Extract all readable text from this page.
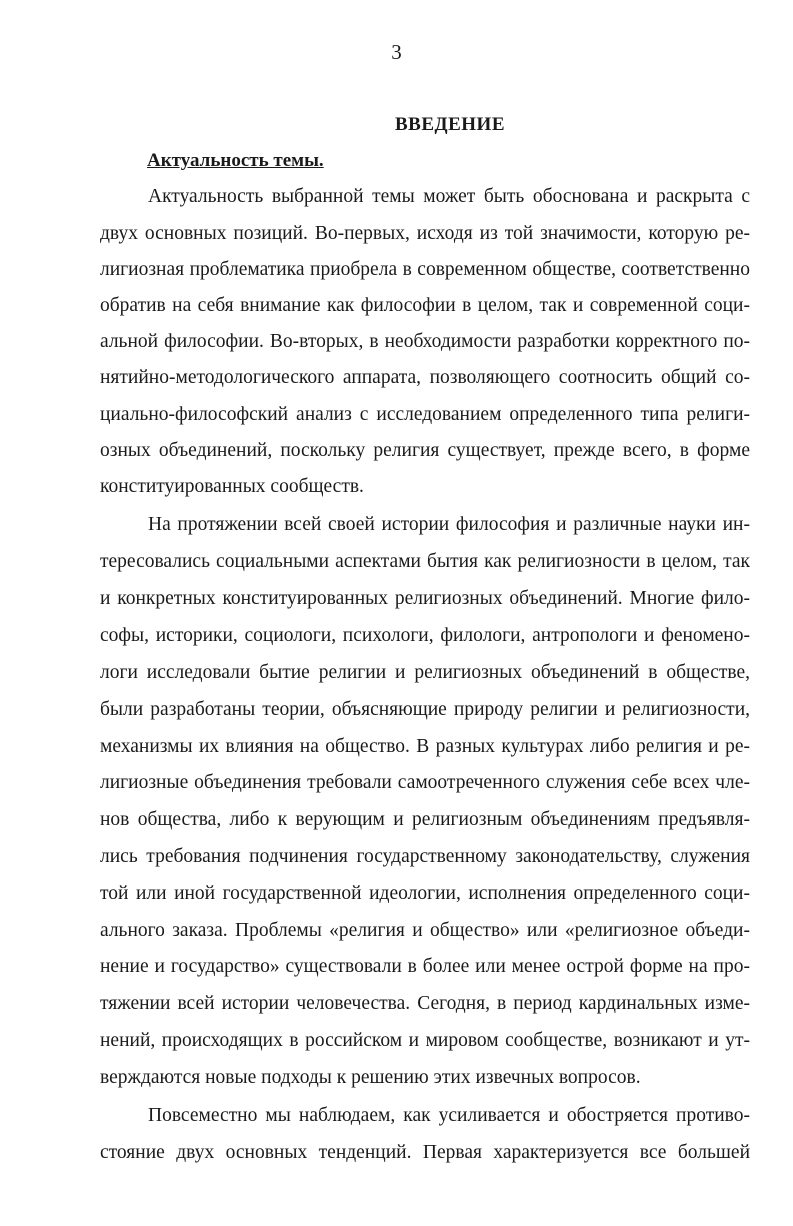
3
ВВЕДЕНИЕ
Актуальность темы.
Актуальность выбранной темы может быть обоснована и раскрыта с
двух основных позиций. Во-первых, исходя из той значимости, которую ре-
лигиозная проблематика приобрела в современном обществе, соответственно
обратив на себя внимание как философии в целом, так и современной соци-
альной философии. Во-вторых, в необходимости разработки корректного по-
нятийно-методологического аппарата, позволяющего соотносить общий со-
циально-философский анализ с исследованием определенного типа религи-
озных объединений, поскольку религия существует, прежде всего, в форме
конституированных сообществ.
На протяжении всей своей истории философия и различные науки ин-
тересовались социальными аспектами бытия как религиозности в целом, так
и конкретных конституированных религиозных объединений. Многие фило-
софы, историки, социологи, психологи, филологи, антропологи и феномено-
логи исследовали бытие религии и религиозных объединений в обществе,
были разработаны теории, объясняющие природу религии и религиозности,
механизмы их влияния на общество. В разных культурах либо религия и ре-
лигиозные объединения требовали самоотреченного служения себе всех чле-
нов общества, либо к верующим и религиозным объединениям предъявля-
лись требования подчинения государственному законодательству, служения
той или иной государственной идеологии, исполнения определенного соци-
ального заказа. Проблемы «религия и общество» или «религиозное объеди-
нение и государство» существовали в более или менее острой форме на про-
тяжении всей истории человечества. Сегодня, в период кардинальных изме-
нений, происходящих в российском и мировом сообществе, возникают и ут-
верждаются новые подходы к решению этих извечных вопросов.
Повсеместно мы наблюдаем, как усиливается и обостряется противо-
стояние двух основных тенденций. Первая характеризуется все большей
